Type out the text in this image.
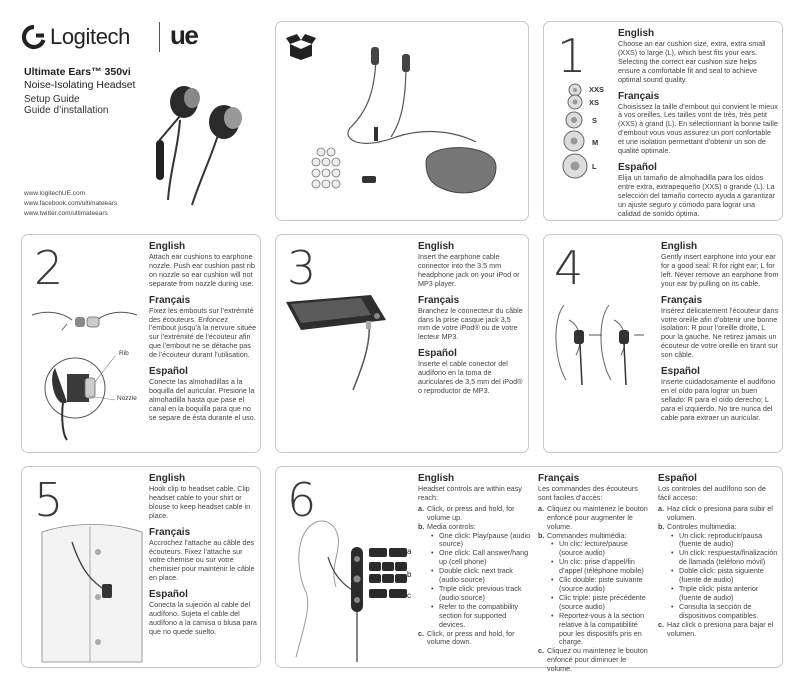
Logitech ue
Ultimate Ears™ 350vi
Noise-Isolating Headset
Setup Guide
Guide d’installation
www.logitechUE.com
www.facebook.com/ultimateears
www.twitter.com/ultimateears
1
XXS
XS
S
M
L
English
Choose an ear cushion size, extra, extra small (XXS) to large (L), which best fits your ears. Selecting the correct ear cushion size helps ensure a comfortable fit and seal to achieve optimal sound quality.
Français
Choisissez la taille d’embout qui convient le mieux à vos oreilles. Les tailles vont de très, très petit (XXS) à grand (L). En sélectionnant la bonne taille d’embout vous vous assurez un port confortable et une isolation permettant d’obtenir un son de qualité optimale.
Español
Elija un tamaño de almohadilla para los oídos entre extra, extrapequeño (XXS) o grande (L). La selección del tamaño correcto ayuda a garantizar un ajuste seguro y cómodo para lograr una calidad de sonido óptima.
2
Rib
Nozzle
English
Attach ear cushions to earphone nozzle. Push ear cushion past rib on nozzle so ear cushion will not separate from nozzle during use.
Français
Fixez les embouts sur l’extrémité des écouteurs. Enfoncez l’embout jusqu’à la nervure située sur l’extrémité de l’écouteur afin que l’embout ne se détache pas de l’écouteur durant l’utilisation.
Español
Conecte las almohadillas a la boquilla del auricular. Presione la almohadilla hasta que pase el canal en la boquilla para que no se separe de ésta durante el uso.
3	English
Insert the earphone cable connector into the 3.5 mm headphone jack on your iPod or MP3 player.
Français
Branchez le connecteur du câble dans la prise casque jack 3,5 mm de votre iPod® ou de votre lecteur MP3.
Español
Inserte el cable conector del audífono en la toma de auriculares de 3,5 mm del iPod® o reproductor de MP3.
4	English
Gently insert earphone into your ear for a good seal: R for right ear; L for left. Never remove an earphone from your ear by pulling on its cable.
Français
Insérez délicatement l’écouteur dans votre oreille afin d’obtenir une bonne isolation: R pour l’oreille droite, L pour la gauche. Ne retirez jamais un écouteur de votre oreille en tirant sur son câble.
Español
Inserte cuidadosamente el audífono en el oído para lograr un buen sellado: R para el oído derecho; L para el izquierdo. No tire nunca del cable para extraer un auricular.
5	English
Hook clip to headset cable. Clip headset cable to your shirt or blouse to keep headset cable in place.
Français
Accrochez l’attache au câble des écouteurs. Fixez l’attache sur votre chemise ou sur votre chemisier pour maintenir le câble en place.
Español
Conecta la sujeción al cable del audífono. Sujeta el cable del audífono a la camisa o blusa para que no quede suelto.
6
a
b
c
English
Headset controls are within easy reach:
a. Click, or press and hold, for volume up.
b. Media controls:
• One click: Play/pause (audio source)
• One click: Call answer/hang up (cell phone)
• Double click: next track (audio source)
• Triple click: previous track (audio source)
• Refer to the compatibility section for supported devices.
c. Click, or press and hold, for volume down.
Français
Les commandes des écouteurs sont faciles d’accès:
a. Cliquez ou maintenez le bouton enfoncé pour augmenter le volume.
b. Commandes multimédia:
• Un clic: lecture/pause (source audio)
• Un clic: prise d’appel/fin d’appel (téléphone mobile)
• Clic double: piste suivante (source audio)
• Clic triple: piste précédente (source audio)
• Reportez-vous à la section relative à la compatibilité pour les dispositifs pris en charge.
c. Cliquez ou maintenez le bouton enfoncé pour diminuer le volume.
Español
Los controles del audífono son de fácil acceso:
a. Haz click o presiona para subir el volumen.
b. Controles multimedia:
• Un click: reproducir/pausa (fuente de audio)
• Un click: respuesta/finalización de llamada (teléfono móvil)
• Doble click: pista siguiente (fuente de audio)
• Triple click: pista anterior (fuente de audio)
• Consulta la sección de dispositivos compatibles.
c. Haz click o presiona para bajar el volumen.
